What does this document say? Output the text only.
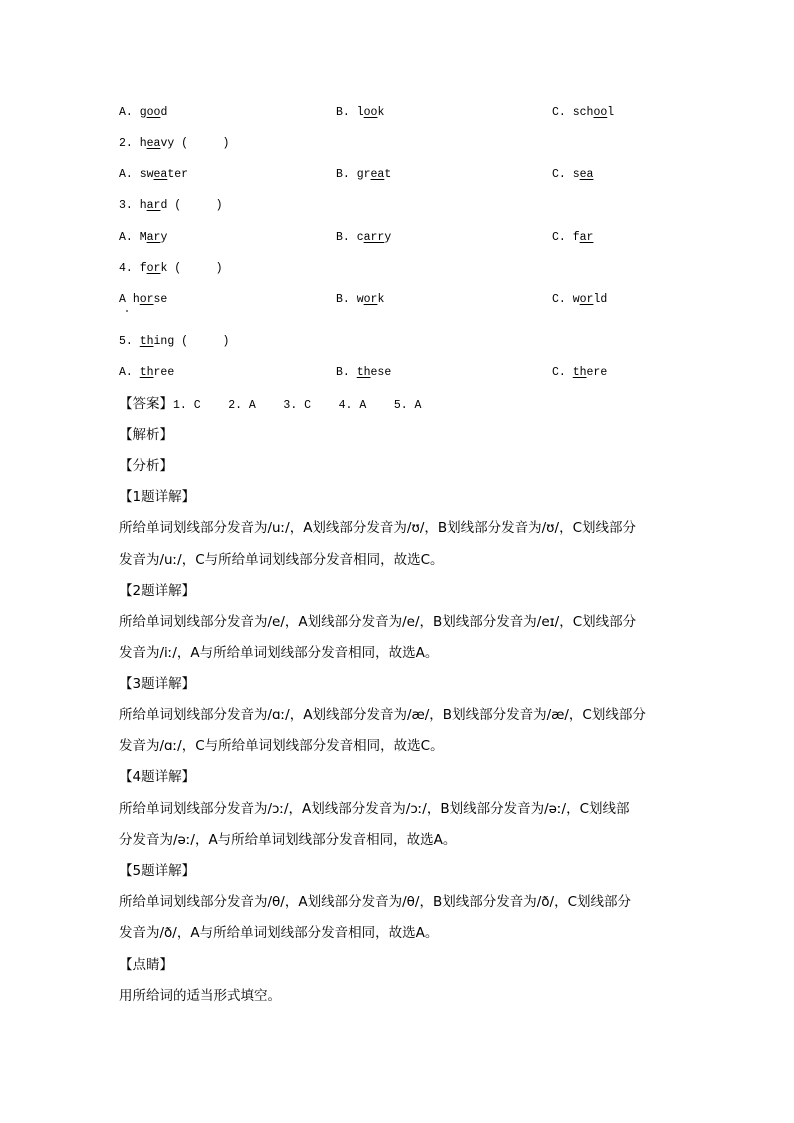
A. good	B. look	C. school
2. heavy (     )
A. sweater	B. great	C. sea
3. hard (     )
A. Mary	B. carry	C. far
4. fork (     )
A horse	B. work	C. world
5. thing (     )
A. three	B. these	C. there
【答案】1. C    2. A    3. C    4. A    5. A
【解析】
【分析】
【1题详解】
所给单词划线部分发音为/uː/，A划线部分发音为/ʊ/，B划线部分发音为/ʊ/，C划线部分
发音为/uː/，C与所给单词划线部分发音相同，故选C。
【2题详解】
所给单词划线部分发音为/e/，A划线部分发音为/e/，B划线部分发音为/eɪ/，C划线部分
发音为/iː/，A与所给单词划线部分发音相同，故选A。
【3题详解】
所给单词划线部分发音为/ɑː/，A划线部分发音为/æ/，B划线部分发音为/æ/，C划线部分
发音为/ɑː/，C与所给单词划线部分发音相同，故选C。
【4题详解】
所给单词划线部分发音为/ɔː/，A划线部分发音为/ɔː/，B划线部分发音为/əː/，C划线部
分发音为/əː/，A与所给单词划线部分发音相同，故选A。
【5题详解】
所给单词划线部分发音为/θ/，A划线部分发音为/θ/，B划线部分发音为/ð/，C划线部分
发音为/ð/，A与所给单词划线部分发音相同，故选A。
【点睛】
用所给词的适当形式填空。
